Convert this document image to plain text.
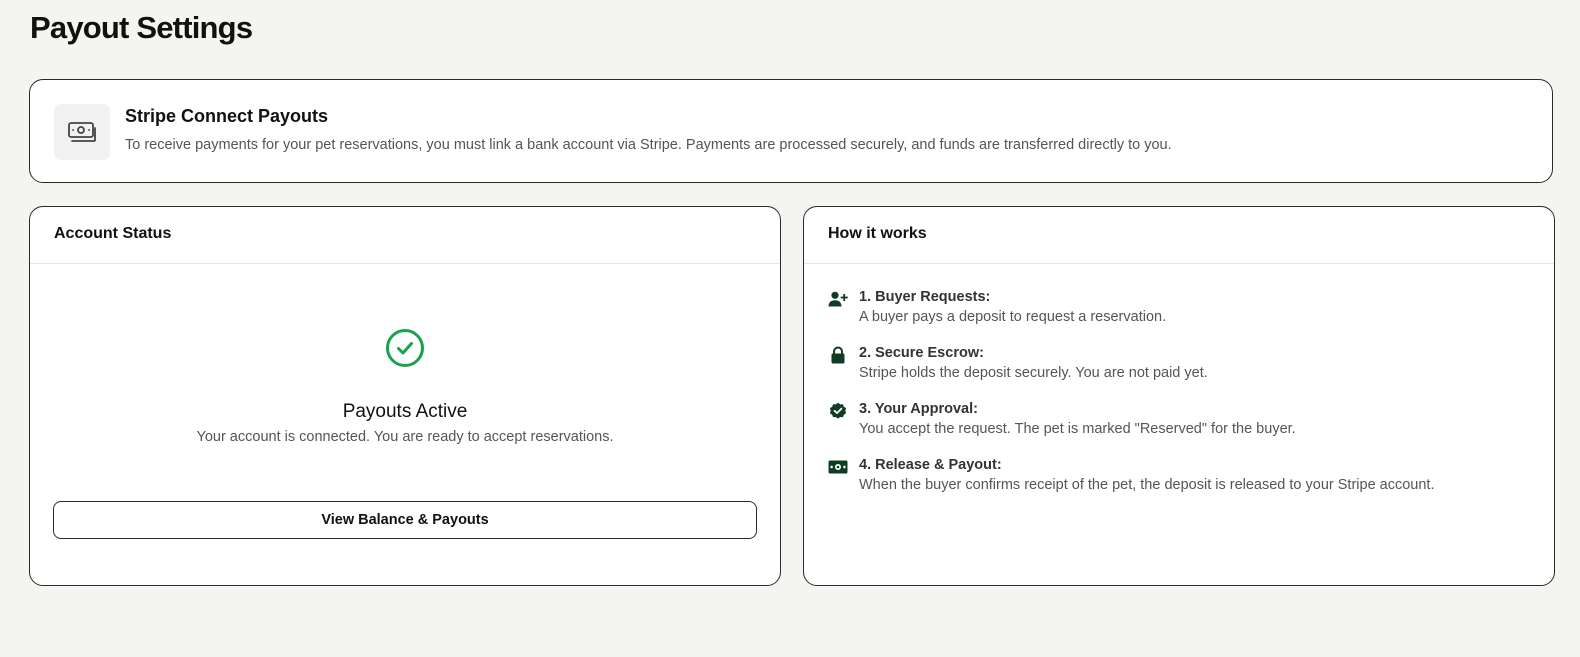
Payout Settings
Stripe Connect Payouts
To receive payments for your pet reservations, you must link a bank account via Stripe. Payments are processed securely, and funds are transferred directly to you.
Account Status
Payouts Active
Your account is connected. You are ready to accept reservations.
View Balance & Payouts
How it works
1. Buyer Requests:
A buyer pays a deposit to request a reservation.
2. Secure Escrow:
Stripe holds the deposit securely. You are not paid yet.
3. Your Approval:
You accept the request. The pet is marked "Reserved" for the buyer.
4. Release & Payout:
When the buyer confirms receipt of the pet, the deposit is released to your Stripe account.
